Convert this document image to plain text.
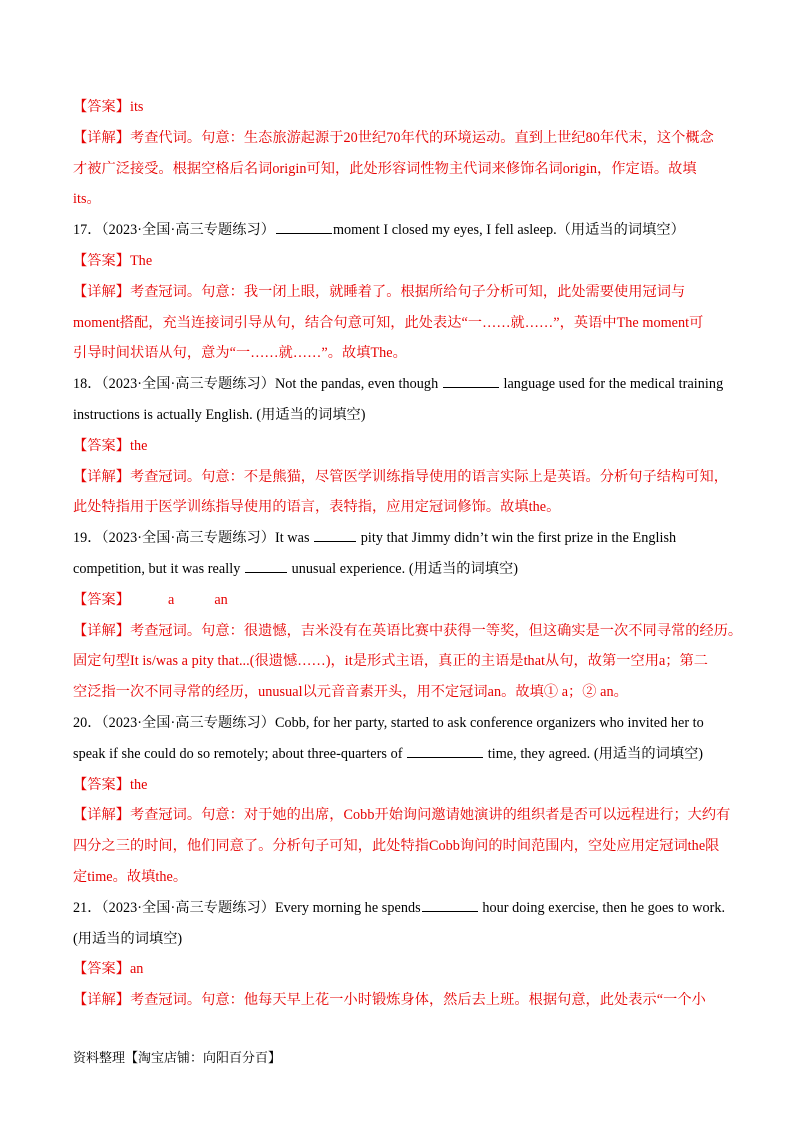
【答案】its
【详解】考查代词。句意：生态旅游起源于20世纪70年代的环境运动。直到上世纪80年代末，这个概念
才被广泛接受。根据空格后名词origin可知，此处形容词性物主代词来修饰名词origin，作定语。故填
its。
17．（2023·全国·高三专题练习）	moment I closed my eyes, I fell asleep.（用适当的词填空）
【答案】The
【详解】考查冠词。句意：我一闭上眼，就睡着了。根据所给句子分析可知，此处需要使用冠词与
moment搭配，充当连接词引导从句，结合句意可知，此处表达“一……就……”，英语中The moment可
引导时间状语从句，意为“一……就……”。故填The。
18．（2023·全国·高三专题练习）Not the pandas, even though	language used for the medical training
instructions is actually English. (用适当的词填空)
【答案】the
【详解】考查冠词。句意：不是熊猫，尽管医学训练指导使用的语言实际上是英语。分析句子结构可知，
此处特指用于医学训练指导使用的语言，表特指，应用定冠词修饰。故填the。
19．（2023·全国·高三专题练习）It was	pity that Jimmy didn’t win the first prize in the English
competition, but it was really	unusual experience. (用适当的词填空)
【答案】	a	an
【详解】考查冠词。句意：很遗憾，吉米没有在英语比赛中获得一等奖，但这确实是一次不同寻常的经历。
固定句型It is/was a pity that...(很遗憾……)，it是形式主语，真正的主语是that从句，故第一空用a；第二
空泛指一次不同寻常的经历，unusual以元音音素开头，用不定冠词an。故填① a；② an。
20．（2023·全国·高三专题练习）Cobb, for her party, started to ask conference organizers who invited her to
speak if she could do so remotely; about three-quarters of	time, they agreed. (用适当的词填空)
【答案】the
【详解】考查冠词。句意：对于她的出席，Cobb开始询问邀请她演讲的组织者是否可以远程进行；大约有
四分之三的时间，他们同意了。分析句子可知，此处特指Cobb询问的时间范围内，空处应用定冠词the限
定time。故填the。
21．（2023·全国·高三专题练习）Every morning he spends	hour doing exercise, then he goes to work.
(用适当的词填空)
【答案】an
【详解】考查冠词。句意：他每天早上花一小时锻炼身体，然后去上班。根据句意，此处表示“一个小
资料整理【淘宝店铺：向阳百分百】
